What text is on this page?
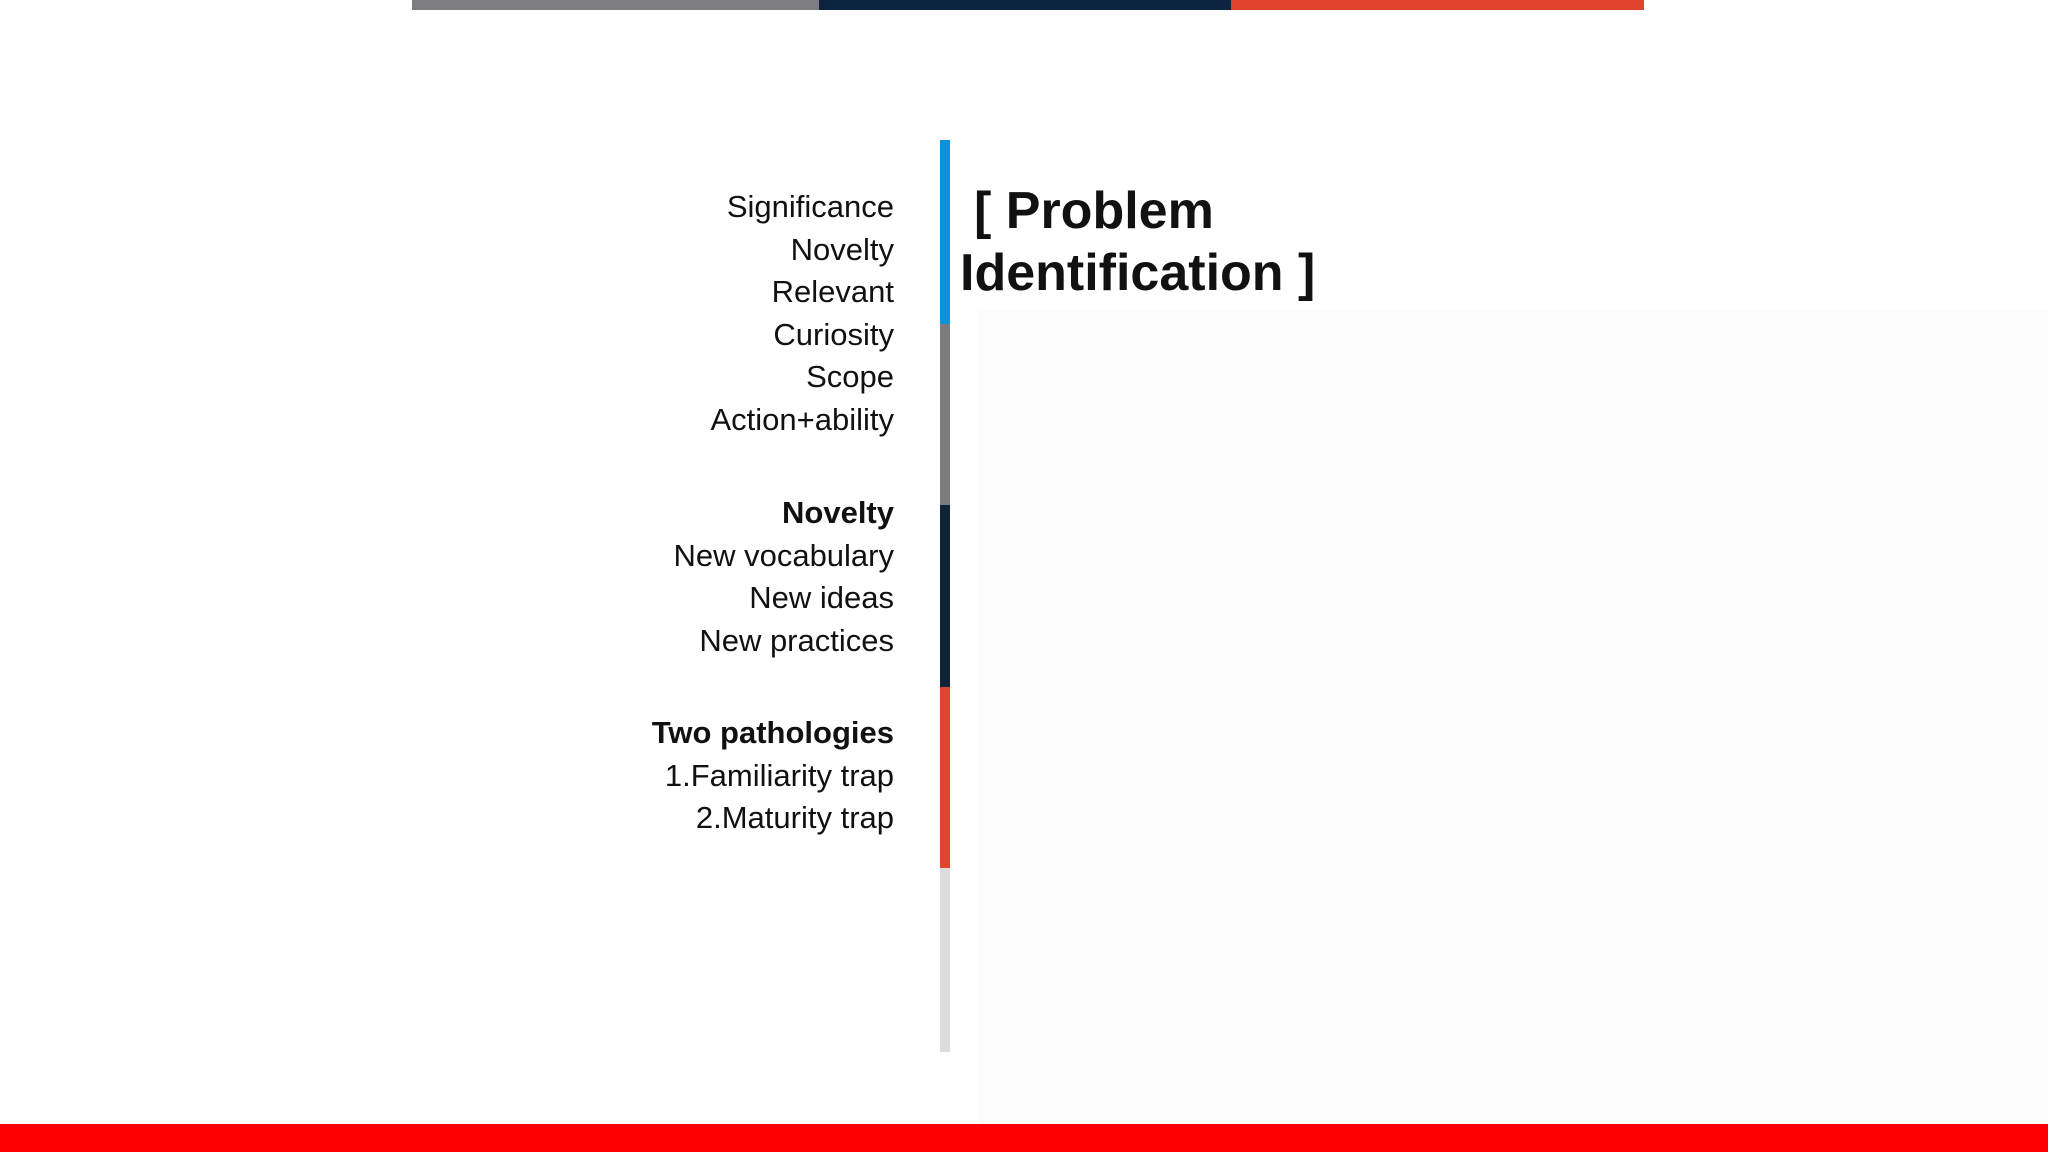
Significance
Novelty
Relevant
Curiosity
Scope
Action+ability
Novelty
New vocabulary
New ideas
New practices
Two pathologies
1.Familiarity trap
2.Maturity trap
[ Problem
Identification ]
